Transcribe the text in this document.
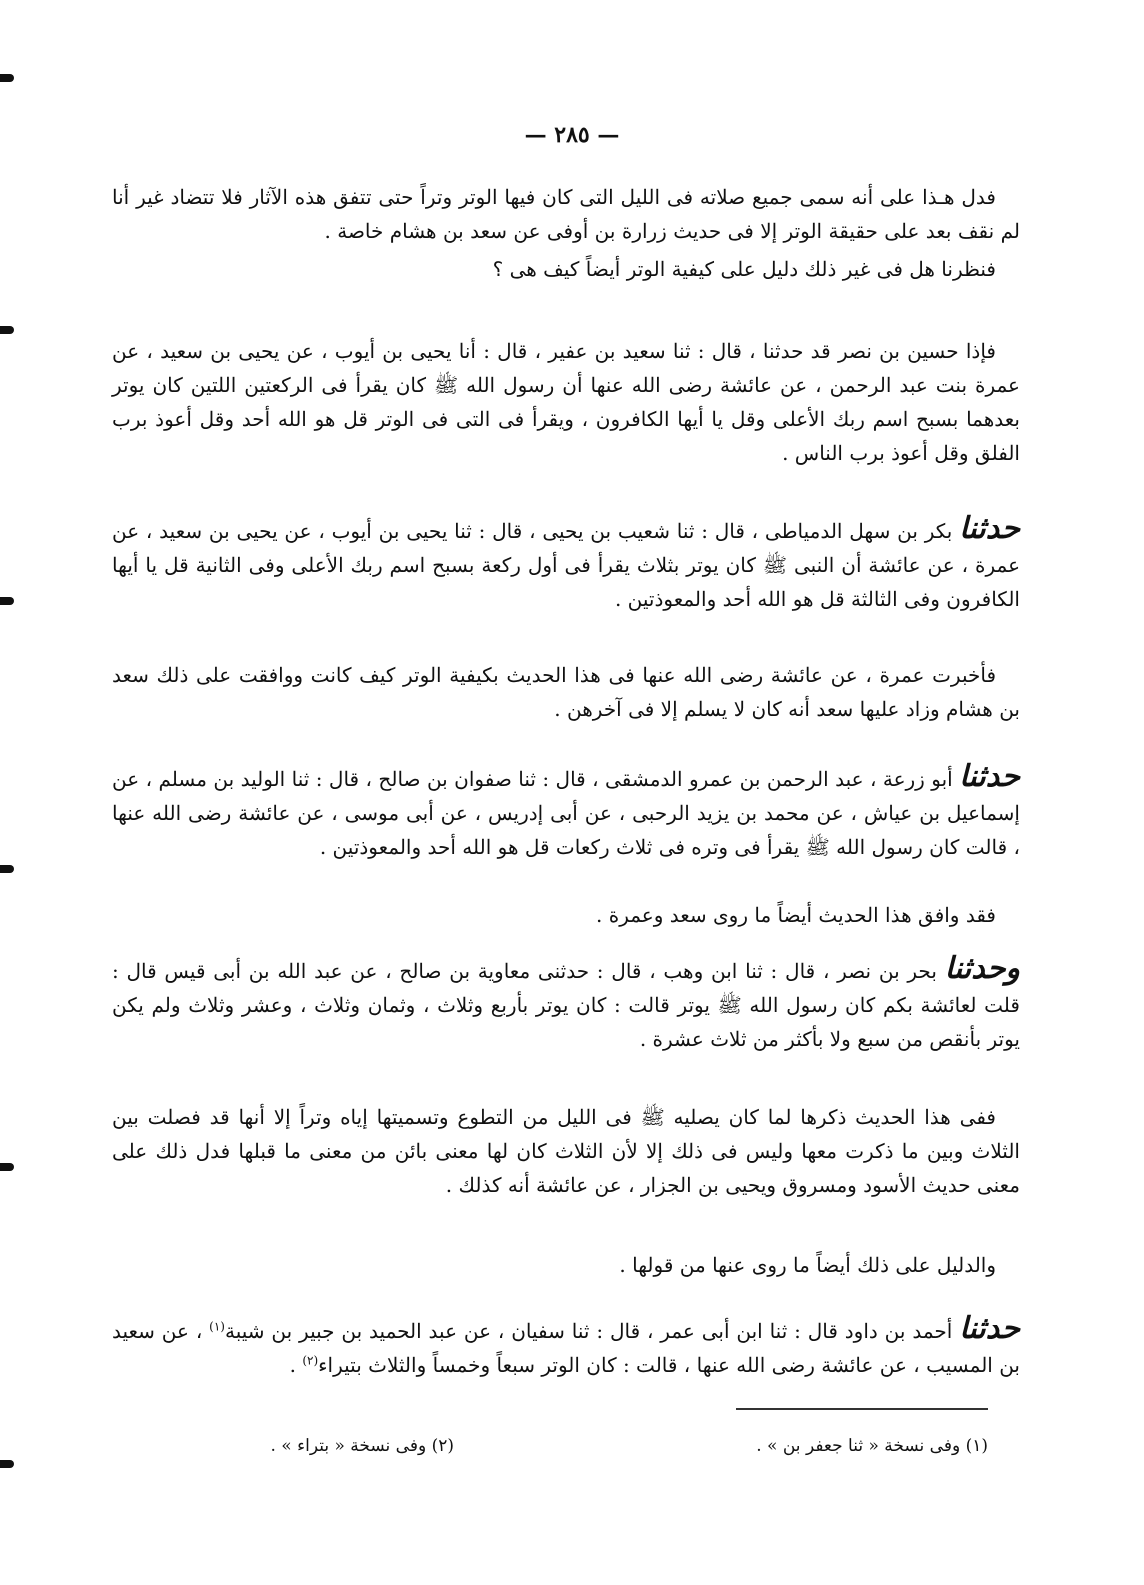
— ٢٨٥ —

فدل هـذا على أنه سمى جميع صلاته فى الليل التى كان فيها الوتر وتراً حتى تتفق هذه الآثار فلا تتضاد غير أنا لم نقف بعد على حقيقة الوتر إلا فى حديث زرارة بن أوفى عن سعد بن هشام خاصة .

فنظرنا هل فى غير ذلك دليل على كيفية الوتر أيضاً كيف هى ؟

فإذا حسين بن نصر قد حدثنا ، قال : ثنا سعيد بن عفير ، قال : أنا يحيى بن أيوب ، عن يحيى بن سعيد ، عن عمرة بنت عبد الرحمن ، عن عائشة رضى الله عنها أن رسول الله ﷺ كان يقرأ فى الركعتين اللتين كان يوتر بعدهما بسبح اسم ربك الأعلى وقل يا أيها الكافرون ، ويقرأ فى التى فى الوتر قل هو الله أحد وقل أعوذ برب الفلق وقل أعوذ برب الناس .

حدثنا بكر بن سهل الدمياطى ، قال : ثنا شعيب بن يحيى ، قال : ثنا يحيى بن أيوب ، عن يحيى بن سعيد ، عن عمرة ، عن عائشة أن النبى ﷺ كان يوتر بثلاث يقرأ فى أول ركعة بسبح اسم ربك الأعلى وفى الثانية قل يا أيها الكافرون وفى الثالثة قل هو الله أحد والمعوذتين .

فأخبرت عمرة ، عن عائشة رضى الله عنها فى هذا الحديث بكيفية الوتر كيف كانت ووافقت على ذلك سعد بن هشام وزاد عليها سعد أنه كان لا يسلم إلا فى آخرهن .

حدثنا أبو زرعة ، عبد الرحمن بن عمرو الدمشقى ، قال : ثنا صفوان بن صالح ، قال : ثنا الوليد بن مسلم ، عن إسماعيل بن عياش ، عن محمد بن يزيد الرحبى ، عن أبى إدريس ، عن أبى موسى ، عن عائشة رضى الله عنها ، قالت كان رسول الله ﷺ يقرأ فى وتره فى ثلاث ركعات قل هو الله أحد والمعوذتين .

فقد وافق هذا الحديث أيضاً ما روى سعد وعمرة .

وحدثنا بحر بن نصر ، قال : ثنا ابن وهب ، قال : حدثنى معاوية بن صالح ، عن عبد الله بن أبى قيس قال : قلت لعائشة بكم كان رسول الله ﷺ يوتر قالت : كان يوتر بأربع وثلاث ، وثمان وثلاث ، وعشر وثلاث ولم يكن يوتر بأنقص من سبع ولا بأكثر من ثلاث عشرة .

ففى هذا الحديث ذكرها لما كان يصليه ﷺ فى الليل من التطوع وتسميتها إياه وتراً إلا أنها قد فصلت بين الثلاث وبين ما ذكرت معها وليس فى ذلك إلا لأن الثلاث كان لها معنى بائن من معنى ما قبلها فدل ذلك على معنى حديث الأسود ومسروق ويحيى بن الجزار ، عن عائشة أنه كذلك .

والدليل على ذلك أيضاً ما روى عنها من قولها .

حدثنا أحمد بن داود قال : ثنا ابن أبى عمر ، قال : ثنا سفيان ، عن عبد الحميد بن جبير بن شيبة$^{(١)}$ ، عن سعيد بن المسيب ، عن عائشة رضى الله عنها ، قالت : كان الوتر سبعاً وخمساً والثلاث بتيراء$^{(٢)}$ .

(١) وفى نسخة « ثنا جعفر بن » .
(٢) وفى نسخة « بتراء » .
